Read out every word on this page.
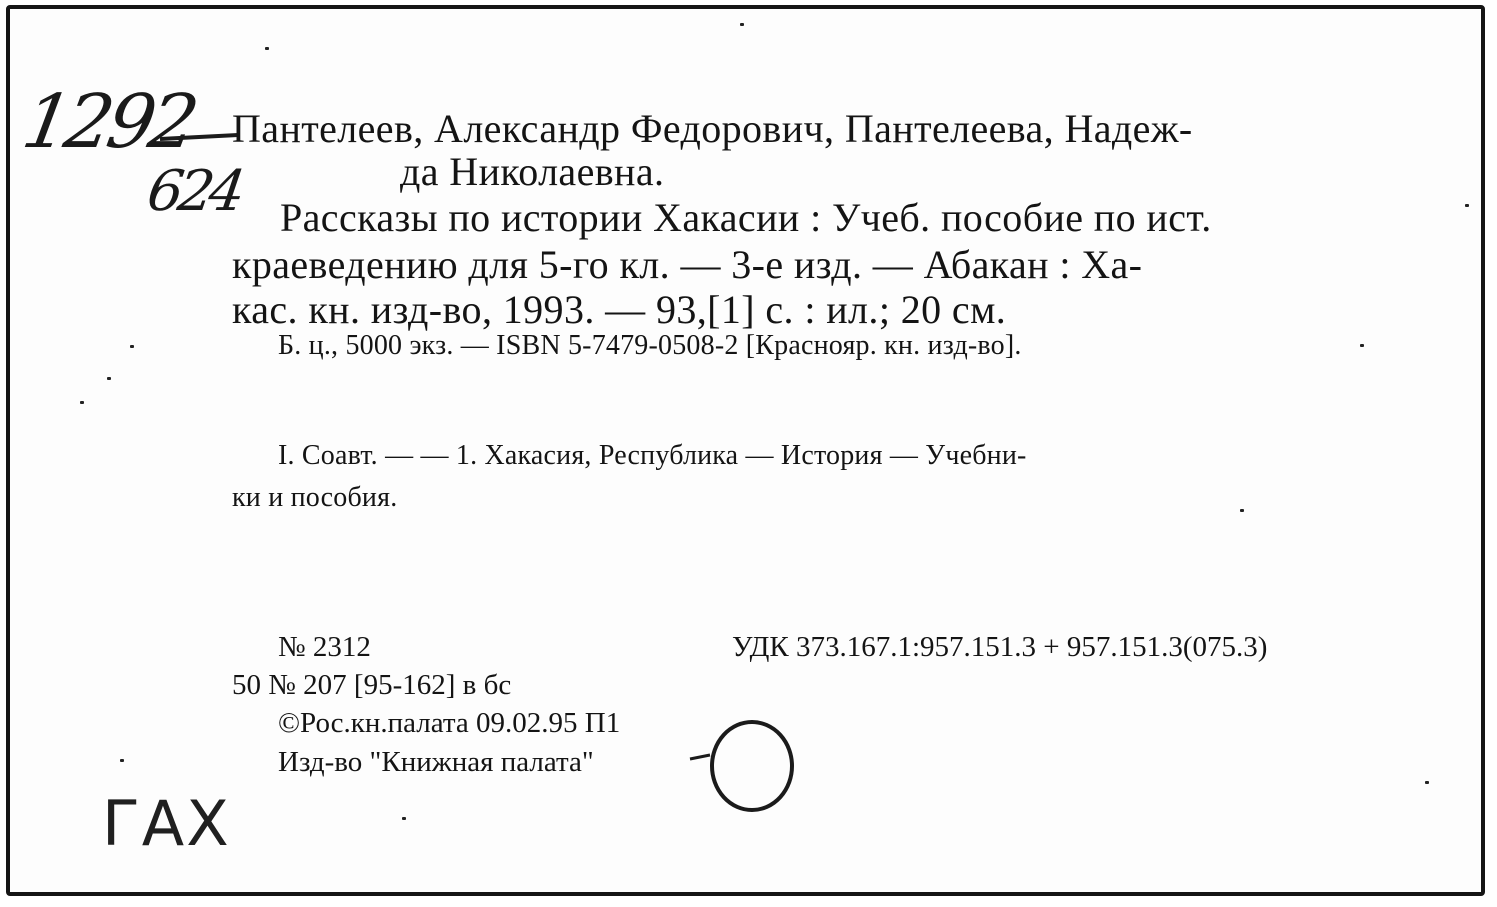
1292
624
ГАХ
Пантелеев, Александр Федорович, Пантелеева, Надеж-
да Николаевна.
Рассказы по истории Хакасии : Учеб. пособие по ист.
краеведению для 5-го кл. — 3-е изд. — Абакан : Ха-
кас. кн. изд-во, 1993. — 93,[1] с. : ил.; 20 см.
Б. ц., 5000 экз. — ISBN 5-7479-0508-2 [Краснояр. кн. изд-во].
I. Соавт. — — 1. Хакасия, Республика — История — Учебни-
ки и пособия.
№ 2312	УДК 373.167.1:957.151.3 + 957.151.3(075.3)
50 № 207 [95-162] в бс
©Рос.кн.палата 09.02.95 П1
Изд-во "Книжная палата"
